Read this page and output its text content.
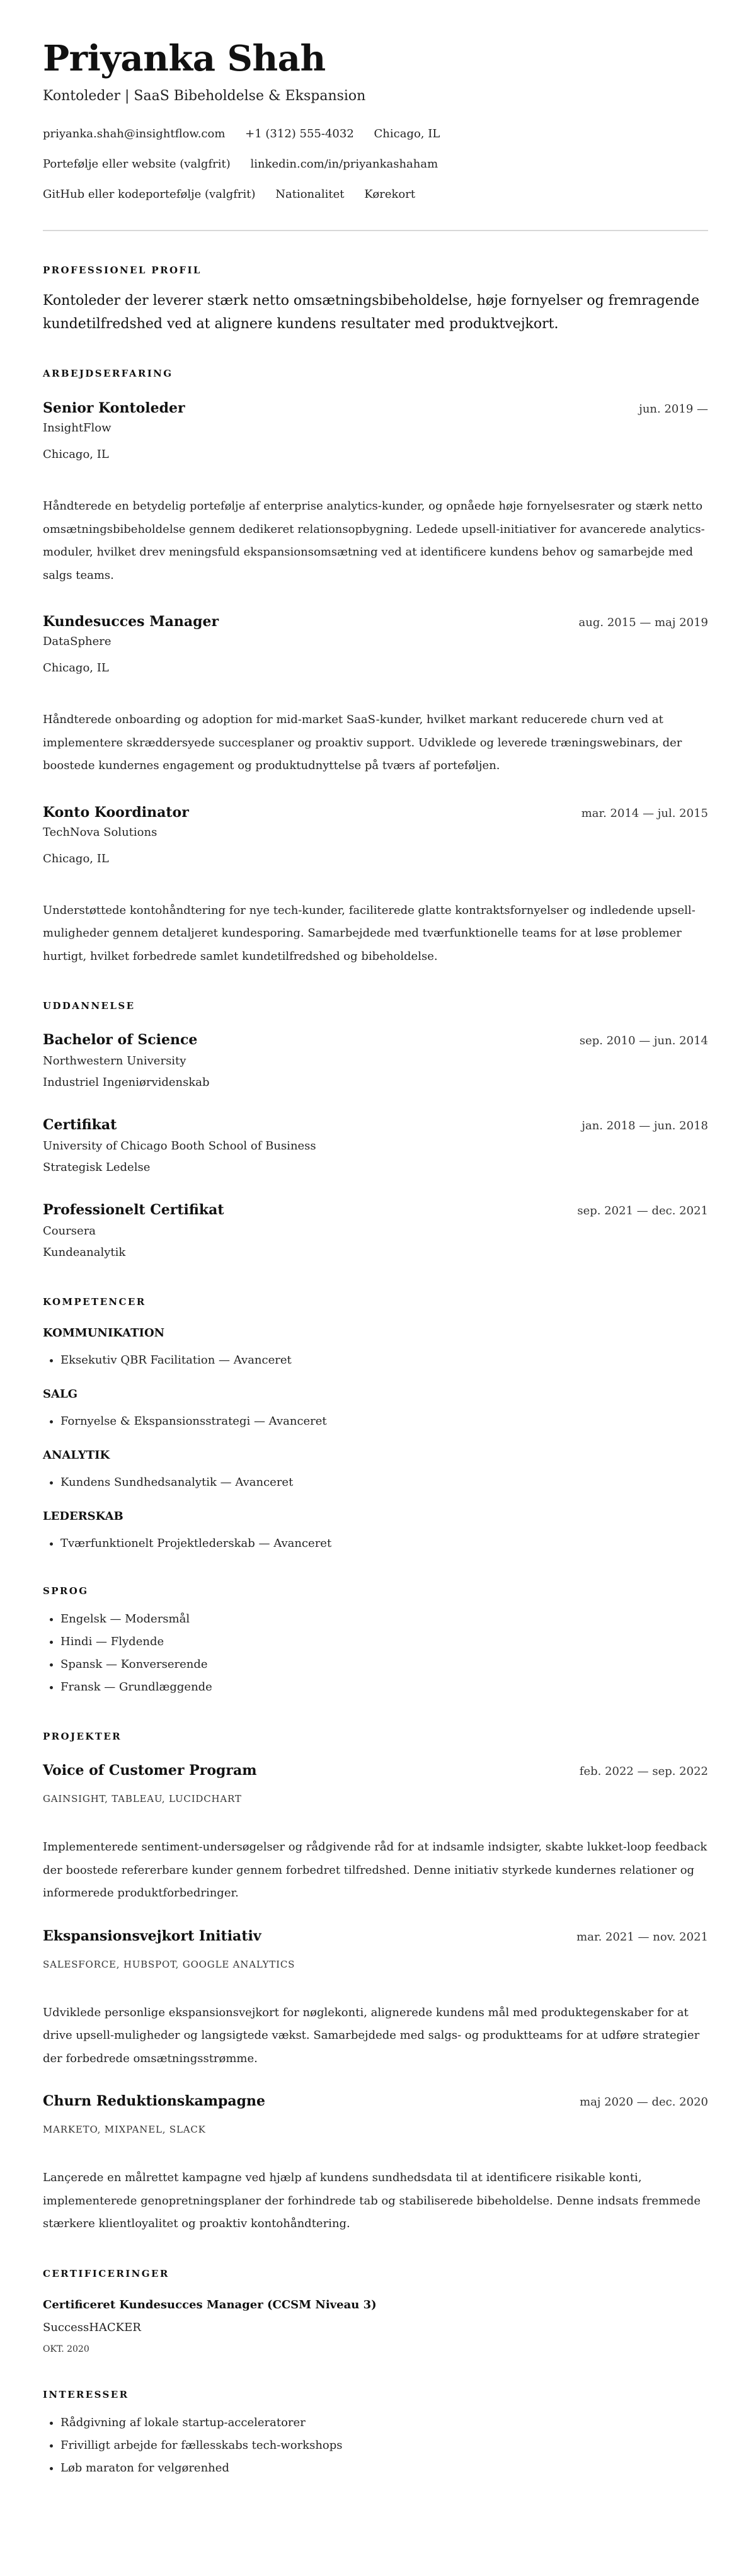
Priyanka Shah
Kontoleder | SaaS Bibeholdelse & Ekspansion
priyanka.shah@insightflow.com +1 (312) 555-4032 Chicago, IL
Portefølje eller website (valgfrit) linkedin.com/in/priyankashaham
GitHub eller kodeportefølje (valgfrit) Nationalitet Kørekort
PROFESSIONEL PROFIL
Kontoleder der leverer stærk netto omsætningsbibeholdelse, høje fornyelser og fremragende kundetilfredshed ved at alignere kundens resultater med produktvejkort.
ARBEJDSERFARING
Senior Kontoleder	jun. 2019 —
InsightFlow
Chicago, IL
Håndterede en betydelig portefølje af enterprise analytics-kunder, og opnåede høje fornyelsesrater og stærk netto omsætningsbibeholdelse gennem dedikeret relationsopbygning. Ledede upsell-initiativer for avancerede analytics-moduler, hvilket drev meningsfuld ekspansionsomsætning ved at identificere kundens behov og samarbejde med salgs teams.
Kundesucces Manager	aug. 2015 — maj 2019
DataSphere
Chicago, IL
Håndterede onboarding og adoption for mid-market SaaS-kunder, hvilket markant reducerede churn ved at implementere skræddersyede succesplaner og proaktiv support. Udviklede og leverede træningswebinars, der boostede kundernes engagement og produktudnyttelse på tværs af porteføljen.
Konto Koordinator	mar. 2014 — jul. 2015
TechNova Solutions
Chicago, IL
Understøttede kontohåndtering for nye tech-kunder, faciliterede glatte kontraktsfornyelser og indledende upsell-muligheder gennem detaljeret kundesporing. Samarbejdede med tværfunktionelle teams for at løse problemer hurtigt, hvilket forbedrede samlet kundetilfredshed og bibeholdelse.
UDDANNELSE
Bachelor of Science	sep. 2010 — jun. 2014
Northwestern University
Industriel Ingeniørvidenskab
Certifikat	jan. 2018 — jun. 2018
University of Chicago Booth School of Business
Strategisk Ledelse
Professionelt Certifikat	sep. 2021 — dec. 2021
Coursera
Kundeanalytik
KOMPETENCER
KOMMUNIKATION
• Eksekutiv QBR Facilitation — Avanceret
SALG
• Fornyelse & Ekspansionsstrategi — Avanceret
ANALYTIK
• Kundens Sundhedsanalytik — Avanceret
LEDERSKAB
• Tværfunktionelt Projektlederskab — Avanceret
SPROG
• Engelsk — Modersmål
• Hindi — Flydende
• Spansk — Konverserende
• Fransk — Grundlæggende
PROJEKTER
Voice of Customer Program	feb. 2022 — sep. 2022
GAINSIGHT, TABLEAU, LUCIDCHART
Implementerede sentiment-undersøgelser og rådgivende råd for at indsamle indsigter, skabte lukket-loop feedback der boostede refererbare kunder gennem forbedret tilfredshed. Denne initiativ styrkede kundernes relationer og informerede produktforbedringer.
Ekspansionsvejkort Initiativ	mar. 2021 — nov. 2021
SALESFORCE, HUBSPOT, GOOGLE ANALYTICS
Udviklede personlige ekspansionsvejkort for nøglekonti, alignerede kundens mål med produktegenskaber for at drive upsell-muligheder og langsigtede vækst. Samarbejdede med salgs- og produktteams for at udføre strategier der forbedrede omsætningsstrømme.
Churn Reduktionskampagne	maj 2020 — dec. 2020
MARKETO, MIXPANEL, SLACK
Lançerede en målrettet kampagne ved hjælp af kundens sundhedsdata til at identificere risikable konti, implementerede genopretningsplaner der forhindrede tab og stabiliserede bibeholdelse. Denne indsats fremmede stærkere klientloyalitet og proaktiv kontohåndtering.
CERTIFICERINGER
Certificeret Kundesucces Manager (CCSM Niveau 3)
SuccessHACKER
OKT. 2020
INTERESSER
• Rådgivning af lokale startup-acceleratorer
• Frivilligt arbejde for fællesskabs tech-workshops
• Løb maraton for velgørenhed
